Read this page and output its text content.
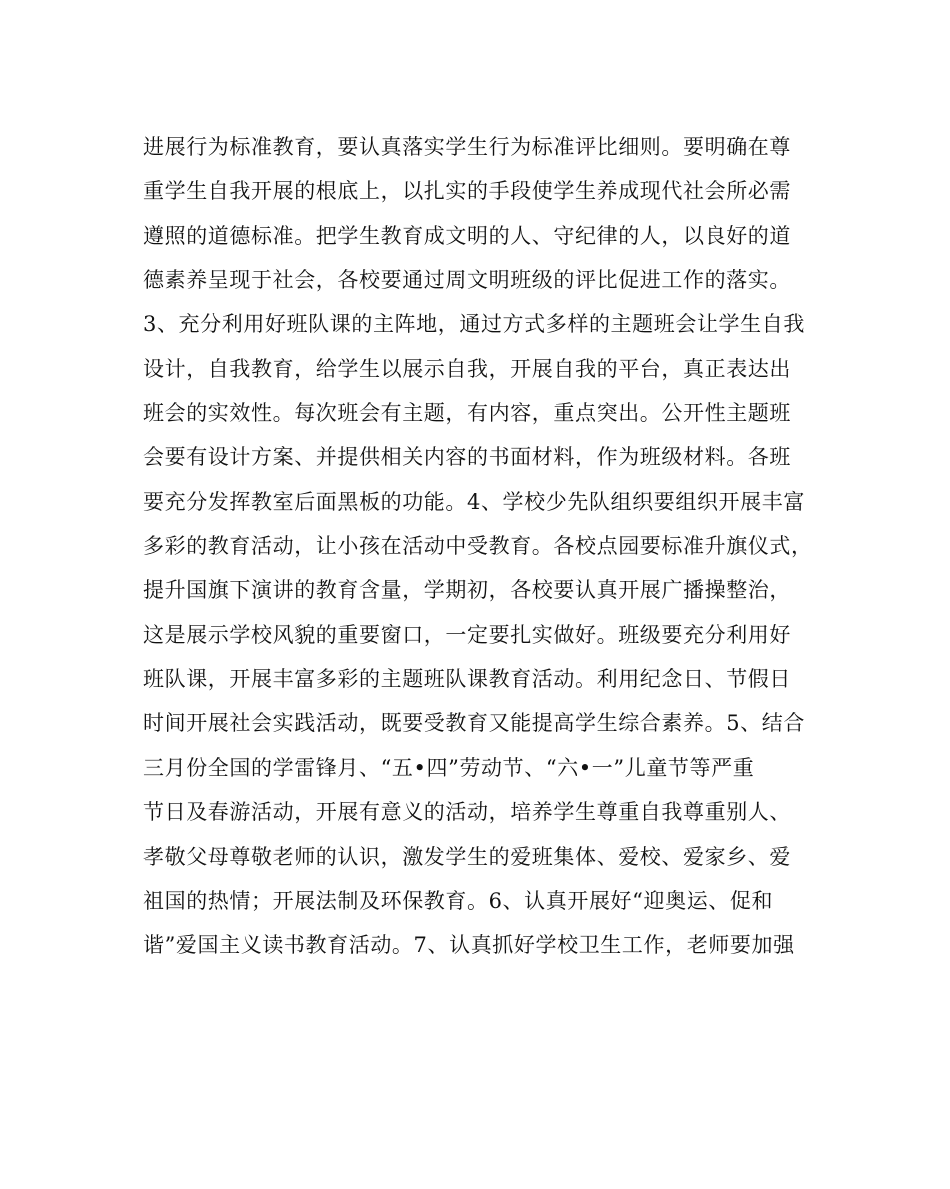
进展行为标准教育，要认真落实学生行为标准评比细则。要明确在尊
重学生自我开展的根底上，以扎实的手段使学生养成现代社会所必需
遵照的道德标准。把学生教育成文明的人、守纪律的人，以良好的道
德素养呈现于社会，各校要通过周文明班级的评比促进工作的落实。
3、充分利用好班队课的主阵地，通过方式多样的主题班会让学生自我
设计，自我教育，给学生以展示自我，开展自我的平台，真正表达出
班会的实效性。每次班会有主题，有内容，重点突出。公开性主题班
会要有设计方案、并提供相关内容的书面材料，作为班级材料。各班
要充分发挥教室后面黑板的功能。4、学校少先队组织要组织开展丰富
多彩的教育活动，让小孩在活动中受教育。各校点园要标准升旗仪式，
提升国旗下演讲的教育含量，学期初，各校要认真开展广播操整治，
这是展示学校风貌的重要窗口，一定要扎实做好。班级要充分利用好
班队课，开展丰富多彩的主题班队课教育活动。利用纪念日、节假日
时间开展社会实践活动，既要受教育又能提高学生综合素养。5、结合
三月份全国的学雷锋月、“五•四”劳动节、“六•一”儿童节等严重
节日及春游活动，开展有意义的活动，培养学生尊重自我尊重别人、
孝敬父母尊敬老师的认识，激发学生的爱班集体、爱校、爱家乡、爱
祖国的热情；开展法制及环保教育。6、认真开展好“迎奥运、促和
谐”爱国主义读书教育活动。7、认真抓好学校卫生工作，老师要加强
